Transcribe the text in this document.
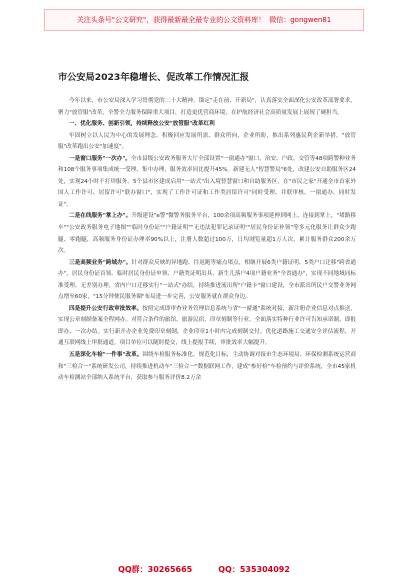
关注头条号"公文研究"，获得最新最全最专业的公文资料库！ 微信：gongwen81
市公安局2023年稳增长、促改革工作情况汇报

今年以来，市公安局深入学习贯彻党的二十大精神，锚定"走在前、开新局"，认真落实全面深化公安改革部署要求，聚力"放管服"改革，全警全力服务保障重大项目，打造更优营商环境，在护航经济社会高质量发展上展现了硬担当。

一、优化服务、创新引领，持续释放公安"放管服"改革红利

牢固树立以人民为中心的发展理念，积极回应发展所需、群众所向、企业所盼，推出系列惠民利企新举措，"放管服"改革跑出公安"加速度"。

一是窗口服务"一次办"。全市县级公安政务服务大厅全部设置"一窗通办"窗口，治安、户政、交管等48项跨警种业务和108个服务事项集成统一受理、集中办理，服务效率同比提升45%。新建无人"智慧警局"6处，改建公安自助服务区24处，实现24小时不打烊服务。5个县市区建成启用"一站式"出入境智慧窗口和自助服务区，在"市民之家"开通全市首家外国人工作许可、居留许可"联办窗口"，实现了工作许可证和工作类居留许可"同时受理、并联审核、一窗通办、同时发证"。

二是在线服务"掌上办"。升级建设"e警"微警务服务平台，100余项高频服务事项延伸到网上、连接到掌上，"堵路移车""公安政务服务电子地图""临时身份证""户籍证明""无违法犯罪记录证明""居民身份证补领"等多元化服务让群众少跑腿、零跑腿，高频服务身份证办理率90%以上，注册人数超过100万，日均浏览量超1万人次，累计服务群众200余万次。

三是高频业务"跨域办"。针对群众反映的异地跑、往返跑等痛点堵点，相继开展6类户籍证明、5类户口迁移"跨省通办"，居民身份证首领、临时居民身份证申领、户籍类证明出具、新生儿落户4项户籍业务"全省通办"，实现不同地域同标准受理、无差别办理。省内户口迁移实行"一站式"办结，持续推进流出所"户籍卡"窗口建设，全市派出所民户交警业务网点增至60家，"15分钟便民服务圈"布局进一步完善，公安服务就在群众身边。

四是提升公安行政审批效率。按照完成即审查业务管理信息系统与省"一窗通"系统对接，新注册企业信息对点推送，实现公章刻制备案全程网办。对符合条件的旅馆、旅游民宿，印章刻制等行业，全面落实特种行业许可告知承诺制，即报即办、一次办结。实行新开办企业免费印章刻制，企业印章1小时内完成刻制交付。优化道路施工交通安全评估流程，开通互联网线上审批通道，项目单位可以随时提交，线上提报手续，审批效率大幅提升。

五是深化车检"一件事"改革。围绕车检服务标准化、规范化目标，主动协调对接市生态环境局、环保检测系统运营商和"三检合一"系统研发公司，持续推进机动车"三检合一"数据联网工作，建成"参好检"车检预约与评价系统，全市45家机动车检测站全部纳入系统平台，获取参与服务评价8.2万余

QQ群：30265665	QQ：535304092
